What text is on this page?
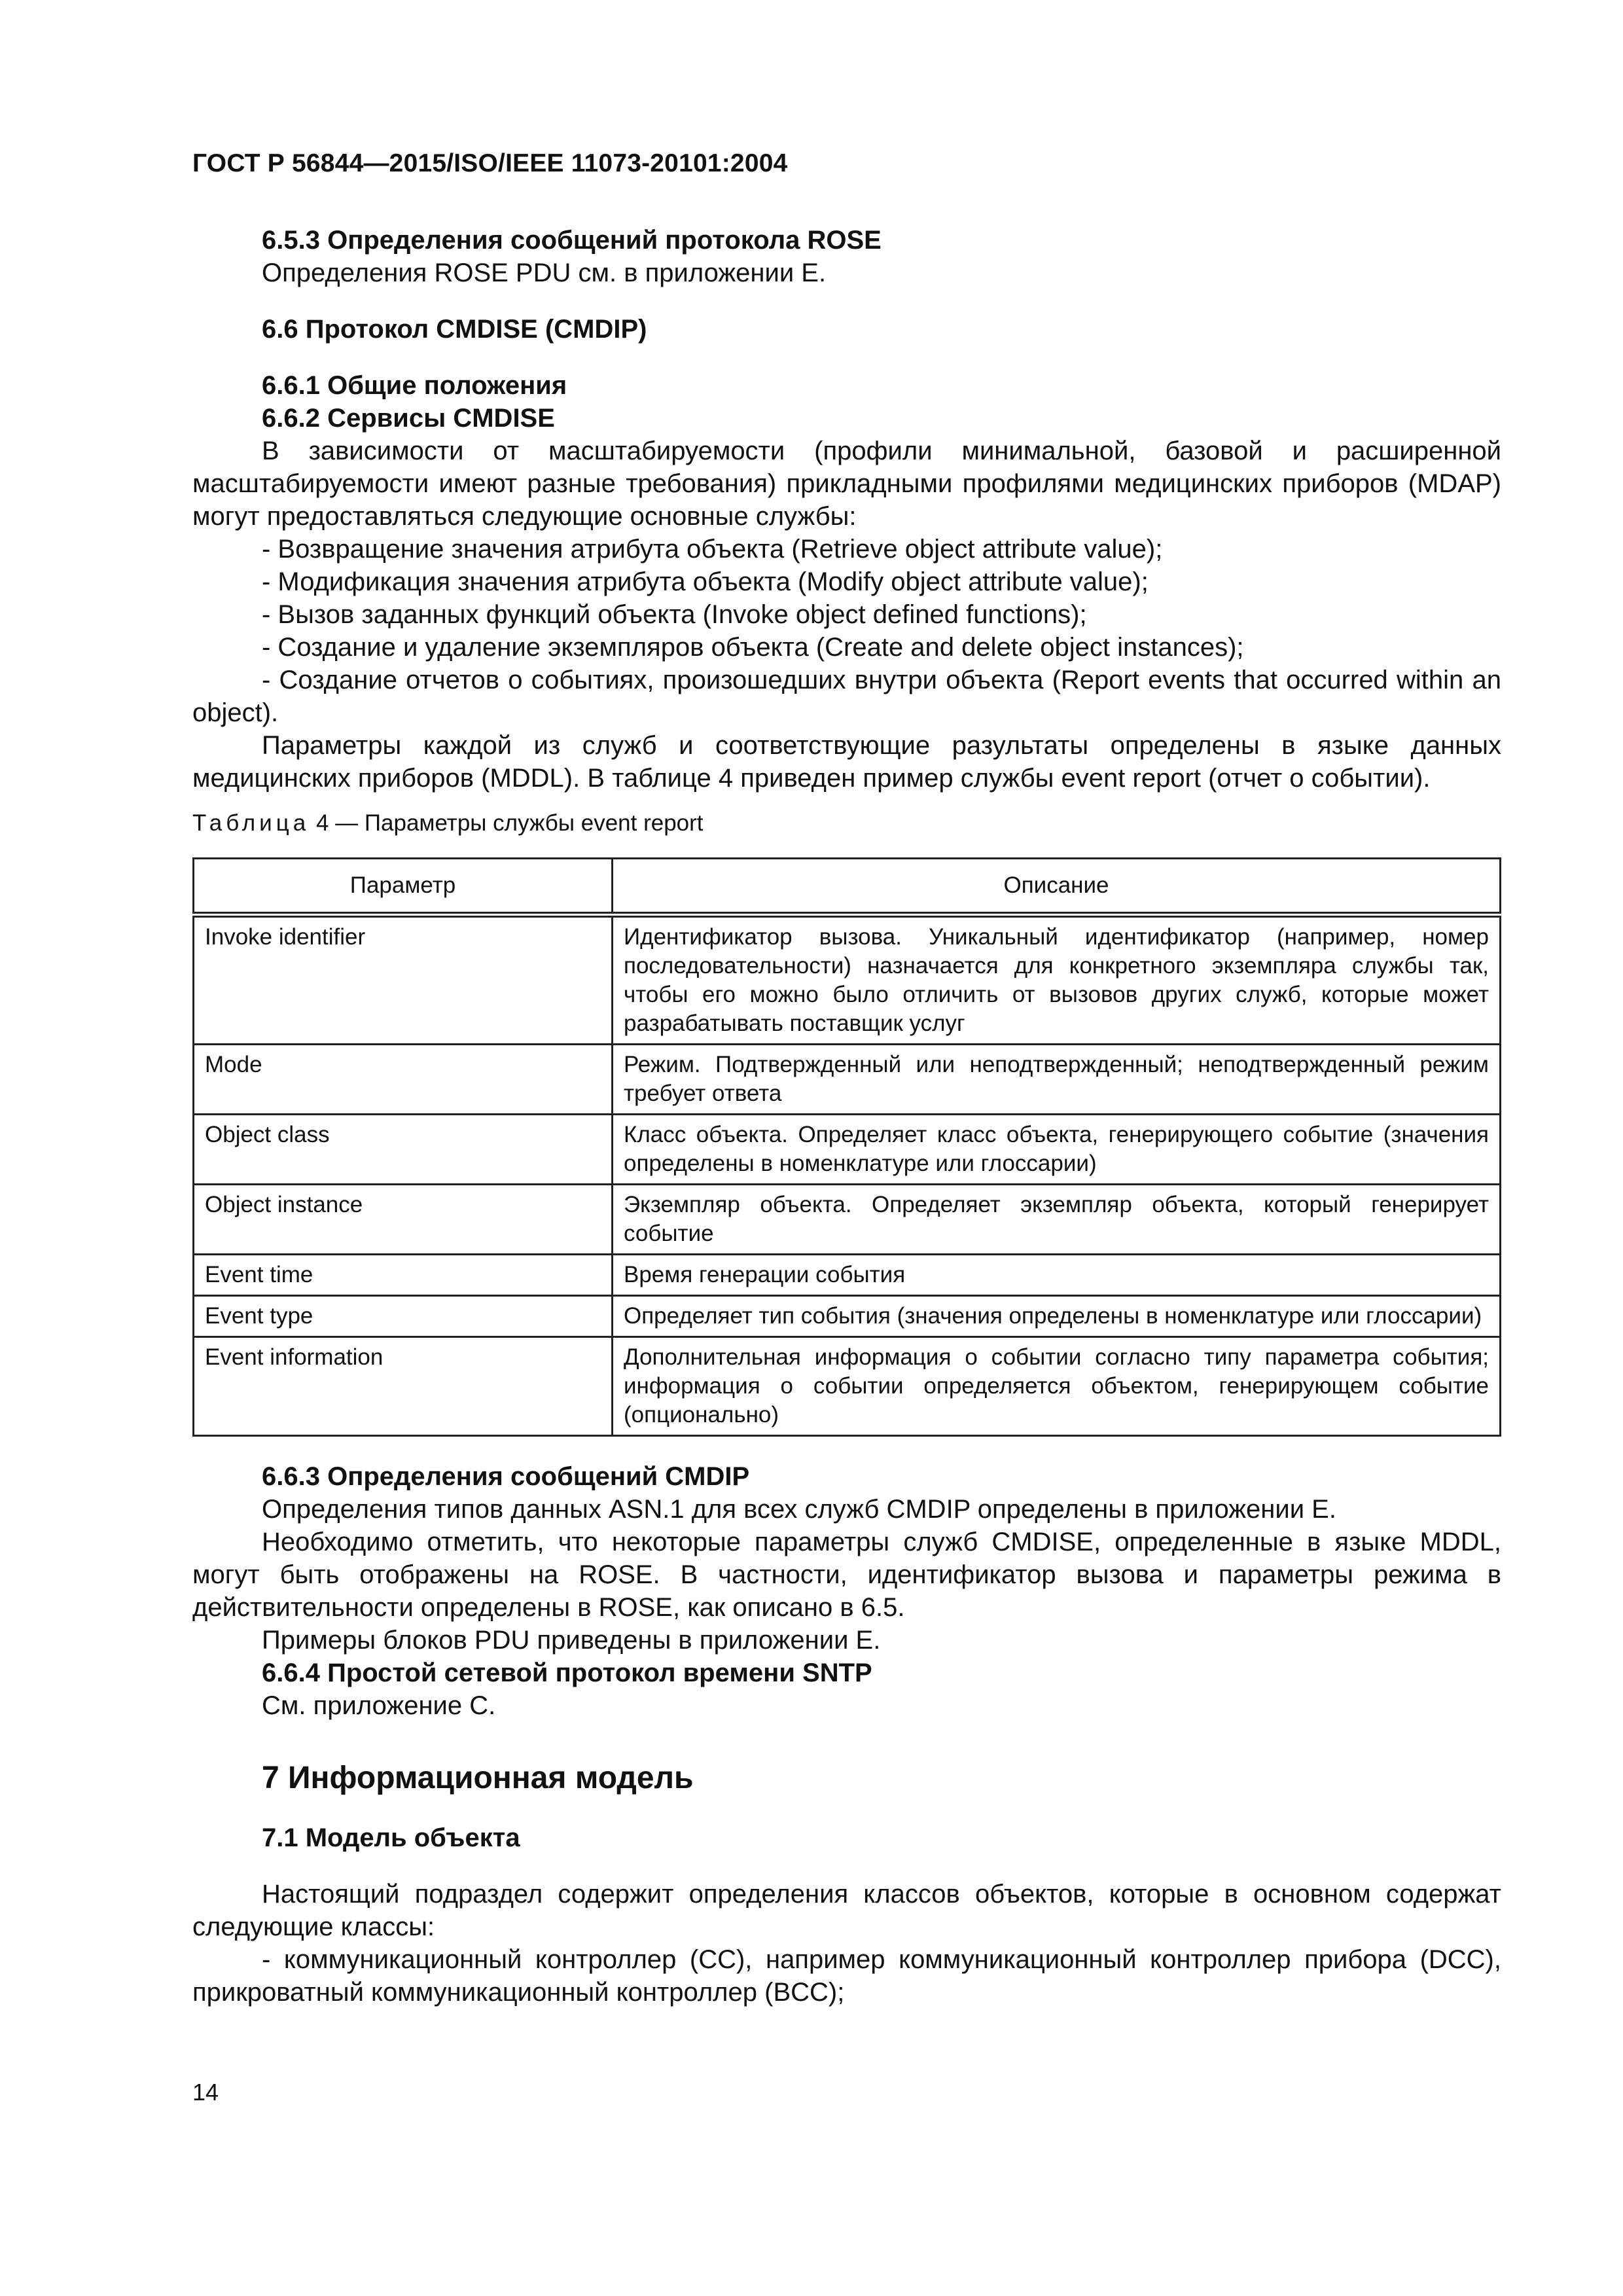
ГОСТ Р 56844—2015/ISO/IEEE 11073-20101:2004

6.5.3 Определения сообщений протокола ROSE

Определения ROSE PDU см. в приложении Е.

6.6 Протокол CMDISE (CMDIP)

6.6.1 Общие положения

6.6.2 Сервисы CMDISE

В зависимости от масштабируемости (профили минимальной, базовой и расширенной масштабируемости имеют разные требования) прикладными профилями медицинских приборов (MDAP) могут предоставляться следующие основные службы:

- Возвращение значения атрибута объекта (Retrieve object attribute value);

- Модификация значения атрибута объекта (Modify object attribute value);

- Вызов заданных функций объекта (Invoke object defined functions);

- Создание и удаление экземпляров объекта (Create and delete object instances);

- Создание отчетов о событиях, произошедших внутри объекта (Report events that occurred within an object).

Параметры каждой из служб и соответствующие разультаты определены в языке данных медицинских приборов (MDDL). В таблице 4 приведен пример службы event report (отчет о событии).

Таблица 4 — Параметры службы event report

Параметр	Описание
Invoke identifier	Идентификатор вызова. Уникальный идентификатор (например, номер последовательности) назначается для конкретного экземпляра службы так, чтобы его можно было отличить от вызовов других служб, которые может разрабатывать поставщик услуг
Mode	Режим. Подтвержденный или неподтвержденный; неподтвержденный режим требует ответа
Object class	Класс объекта. Определяет класс объекта, генерирующего событие (значения определены в номенклатуре или глоссарии)
Object instance	Экземпляр объекта. Определяет экземпляр объекта, который генерирует событие
Event time	Время генерации события
Event type	Определяет тип события (значения определены в номенклатуре или глоссарии)
Event information	Дополнительная информация о событии согласно типу параметра события; информация о событии определяется объектом, генерирующем событие (опционально)

6.6.3 Определения сообщений CMDIP

Определения типов данных ASN.1 для всех служб CMDIP определены в приложении Е.

Необходимо отметить, что некоторые параметры служб CMDISE, определенные в языке MDDL, могут быть отображены на ROSE. В частности, идентификатор вызова и параметры режима в действительности определены в ROSE, как описано в 6.5.

Примеры блоков PDU приведены в приложении Е.

6.6.4 Простой сетевой протокол времени SNTP

См. приложение С.

7 Информационная модель

7.1 Модель объекта

Настоящий подраздел содержит определения классов объектов, которые в основном содержат следующие классы:

- коммуникационный контроллер (CC), например коммуникационный контроллер прибора (DCC), прикроватный коммуникационный контроллер (BCC);

14
